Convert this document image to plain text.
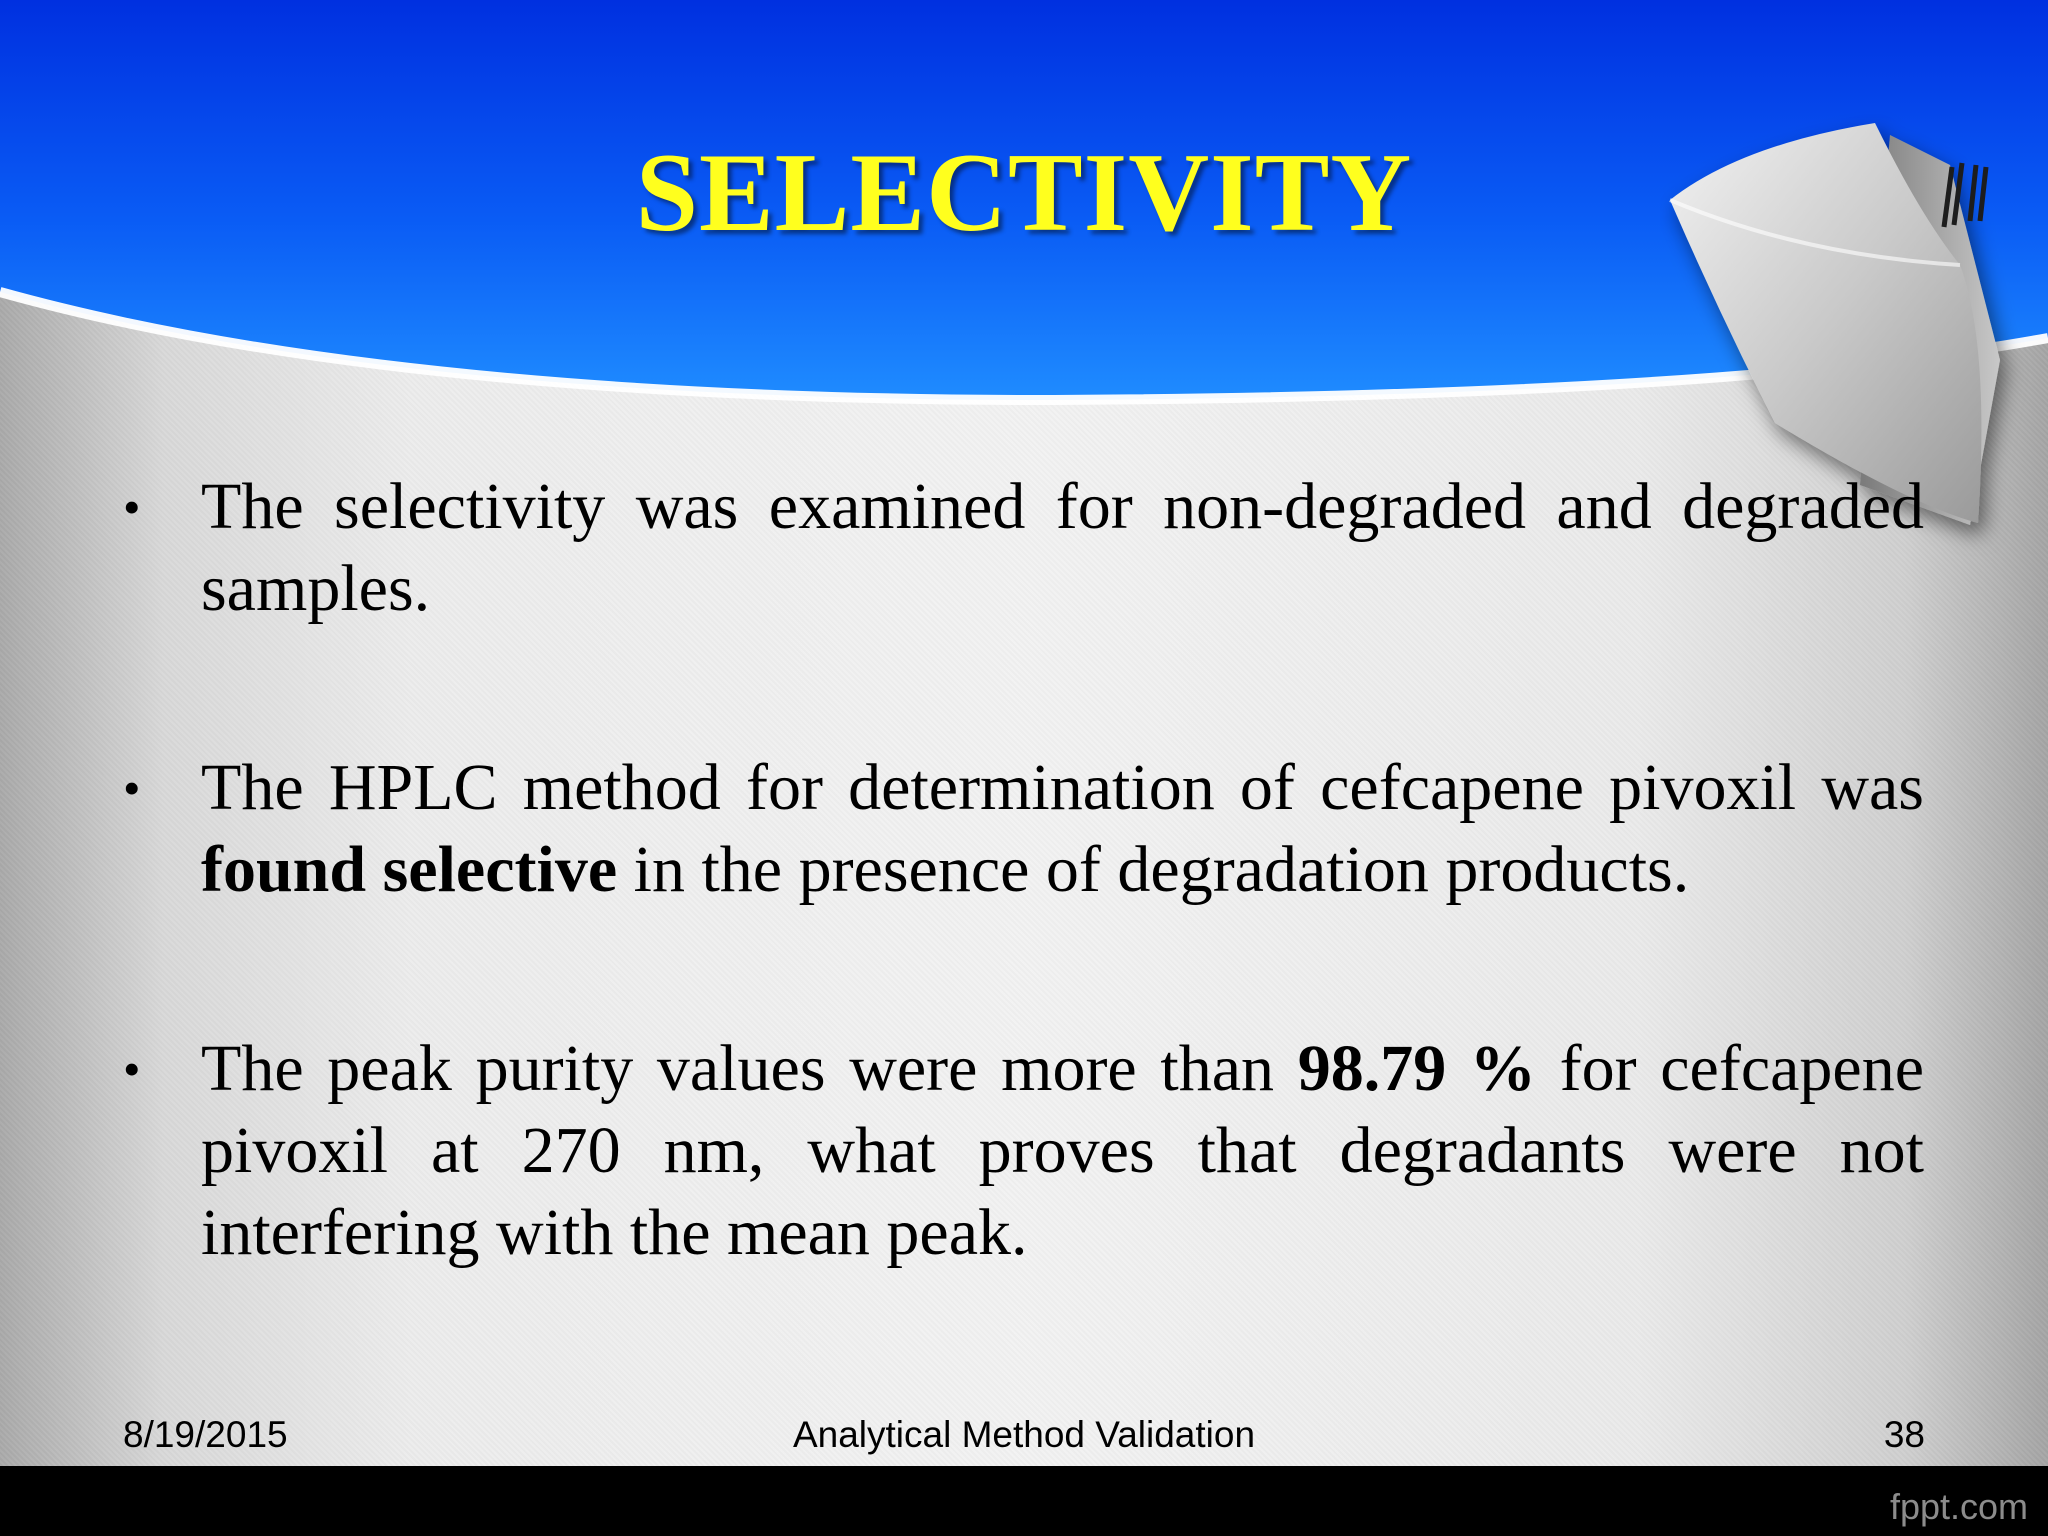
SELECTIVITY

• The selectivity was examined for non-degraded and degraded samples.

• The HPLC method for determination of cefcapene pivoxil was found selective in the presence of degradation products.

• The peak purity values were more than 98.79 % for cefcapene pivoxil at 270 nm, what proves that degradants were not interfering with the mean peak.

8/19/2015	Analytical Method Validation	38
fppt.com
